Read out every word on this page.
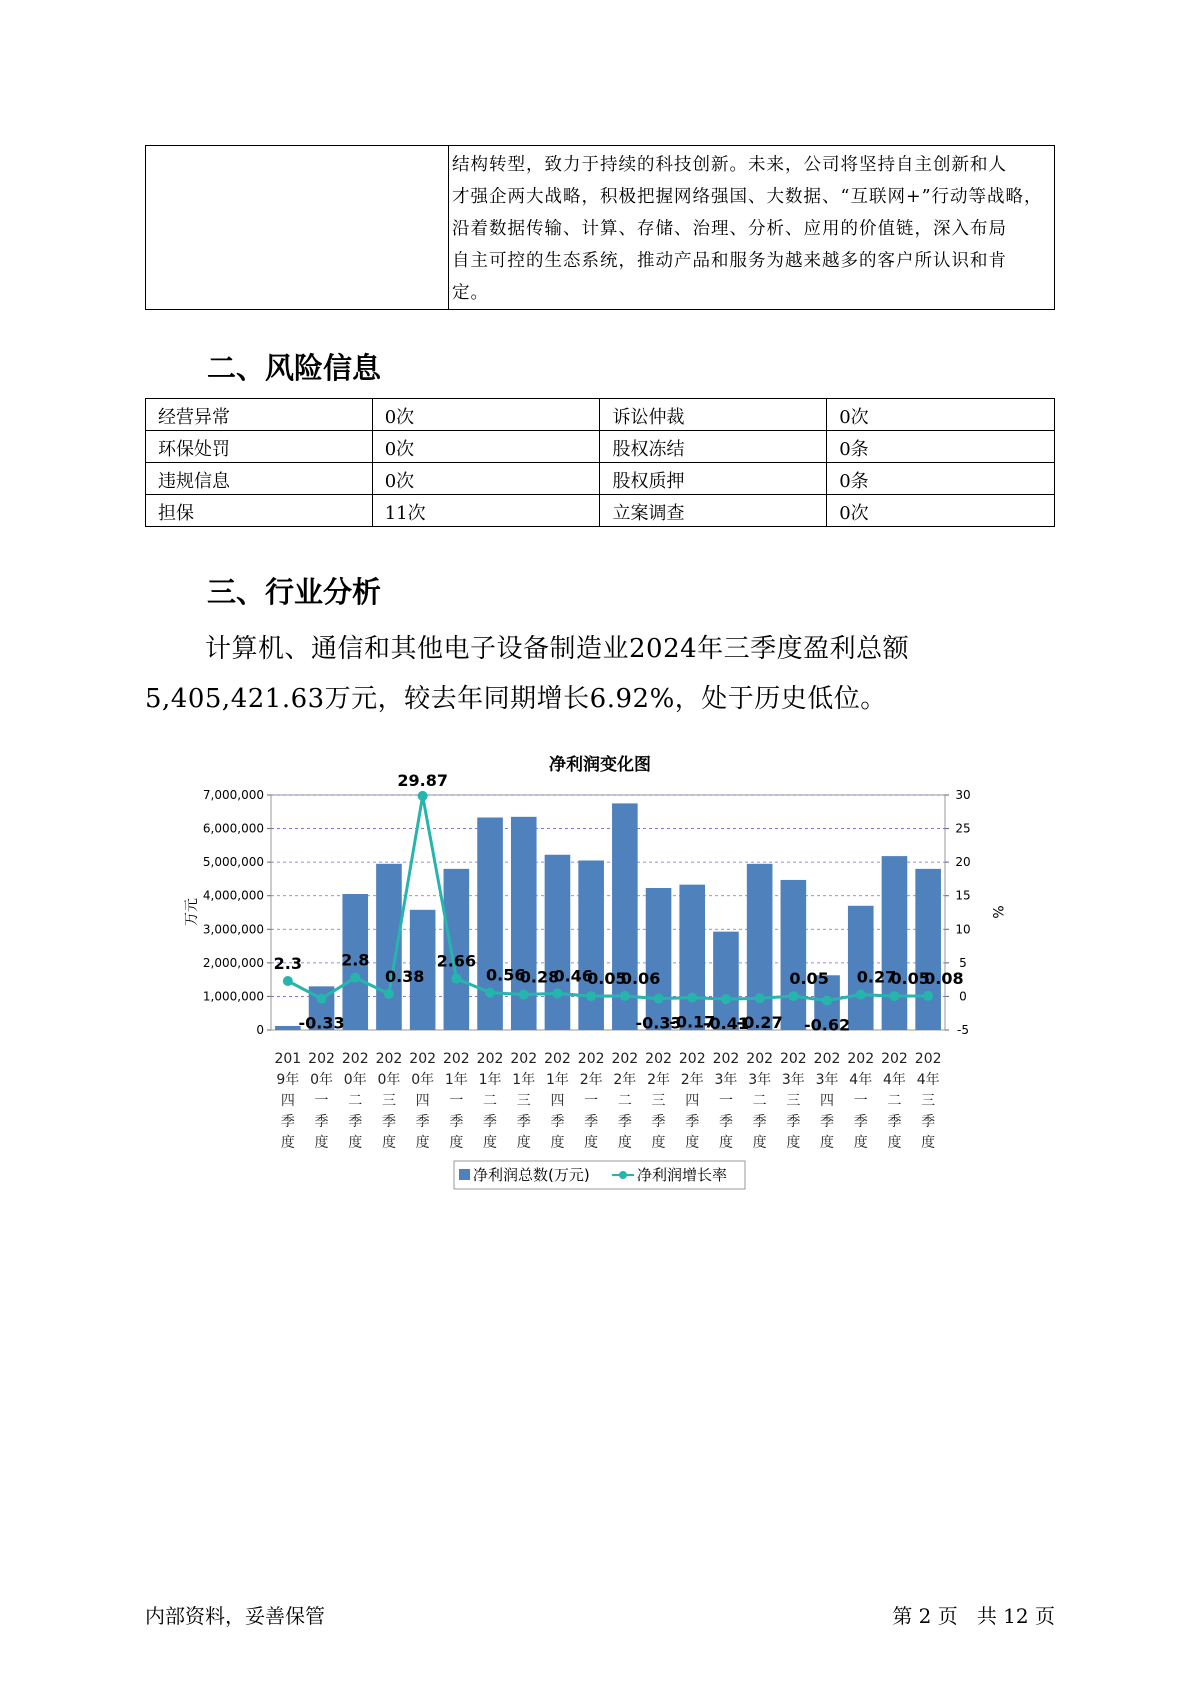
结构转型，致力于持续的科技创新。未来，公司将坚持自主创新和人
才强企两大战略，积极把握网络强国、大数据、“互联网+”行动等战略，
沿着数据传输、计算、存储、治理、分析、应用的价值链，深入布局
自主可控的生态系统，推动产品和服务为越来越多的客户所认识和肯
定。
二、风险信息
经营异常	0次	诉讼仲裁	0次
环保处罚	0次	股权冻结	0条
违规信息	0次	股权质押	0条
担保	11次	立案调查	0次
三、行业分析
计算机、通信和其他电子设备制造业2024年三季度盈利总额
5,405,421.63万元，较去年同期增长6.92%，处于历史低位。
净利润变化图
0
1,000,000
2,000,000
3,000,000
4,000,000
5,000,000
6,000,000
7,000,000
-5
0
5
10
15
20
25
30
2.3
-0.33
2.8
0.38
29.87
2.66
0.56
0.28
0.46
0.05
0.06
-0.33
-0.17
-0.41
-0.27
0.05
-0.62
0.27
0.05
0.08
201
9年
四
季
度
202
0年
一
季
度
202
0年
二
季
度
202
0年
三
季
度
202
0年
四
季
度
202
1年
一
季
度
202
1年
二
季
度
202
1年
三
季
度
202
1年
四
季
度
202
2年
一
季
度
202
2年
二
季
度
202
2年
三
季
度
202
2年
四
季
度
202
3年
一
季
度
202
3年
二
季
度
202
3年
三
季
度
202
3年
四
季
度
202
4年
一
季
度
202
4年
二
季
度
202
4年
三
季
度
万元	%
净利润总数(万元)	净利润增长率
内部资料，妥善保管	第 2 页   共 12 页
